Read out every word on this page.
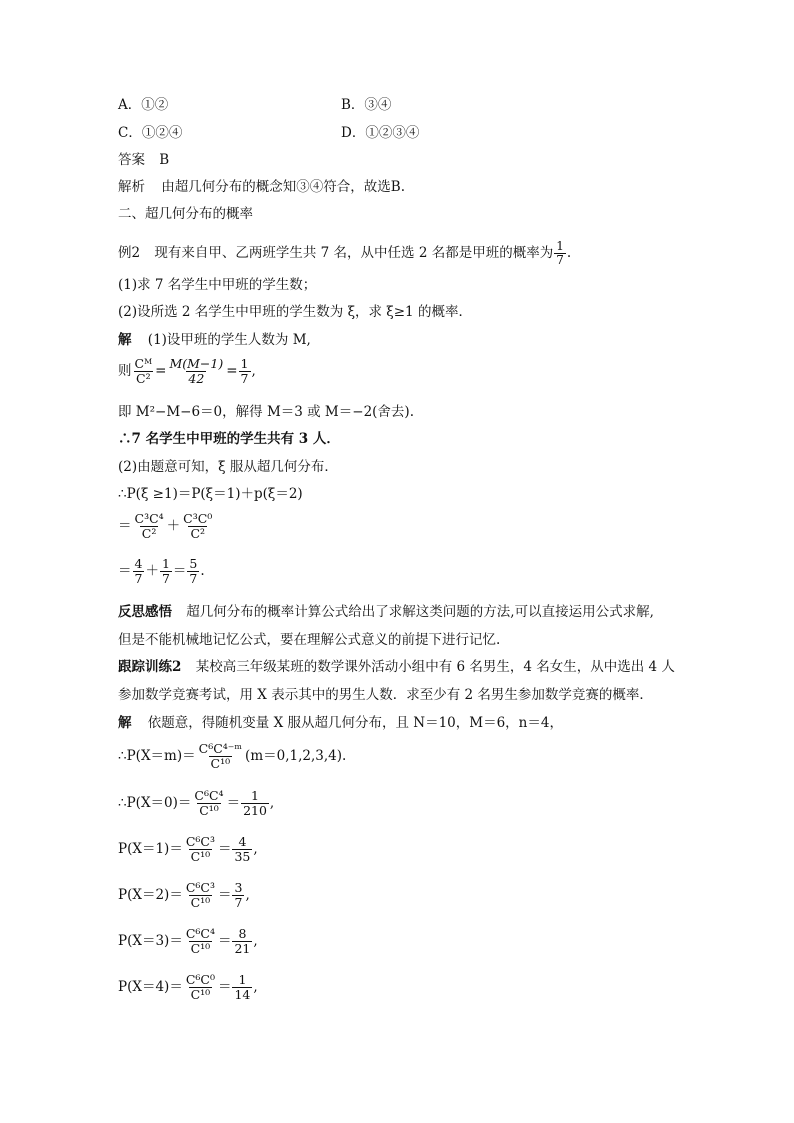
A．①②	B．③④
C．①②④	D．①②③④
答案 B
解析 由超几何分布的概念知③④符合，故选B.
二、超几何分布的概率
例2 现有来自甲、乙两班学生共 7 名，从中任选 2 名都是甲班的概率为 $\frac{1}{7}$ .
(1)求 7 名学生中甲班的学生数；
(2)设所选 2 名学生中甲班的学生数为 ξ，求 ξ≥1 的概率．
解 (1)设甲班的学生人数为 M,
则 $\frac{\text{Cᴹ}}{\text{C²}} = \frac{M(M-1)}{42} = \frac{1}{7}$ ,
即 M²−M−6＝0，解得 M＝3 或 M＝−2(舍去).
∴7 名学生中甲班的学生共有 3 人．
(2)由题意可知，ξ 服从超几何分布．
∴P(ξ ≥1)＝P(ξ＝1)＋p(ξ＝2)
＝ $\frac{\text{C³C⁴}}{\text{C²}} + \frac{\text{C³C⁰}}{\text{C²}}$
＝ $\frac{4}{7} + \frac{1}{7} = \frac{5}{7}$ .
反思感悟 超几何分布的概率计算公式给出了求解这类问题的方法,可以直接运用公式求解,
但是不能机械地记忆公式，要在理解公式意义的前提下进行记忆.
跟踪训练2 某校高三年级某班的数学课外活动小组中有 6 名男生，4 名女生，从中选出 4 人
参加数学竞赛考试，用 X 表示其中的男生人数．求至少有 2 名男生参加数学竞赛的概率．
解 依题意，得随机变量 X 服从超几何分布，且 N＝10，M＝6，n＝4，
∴P(X＝m)＝ $\frac{\text{C⁶C⁴⁻ᵐ}}{\text{C¹⁰}} (m=0,1,2,3,4)$.
∴P(X＝0)＝ $\frac{\text{C⁶C⁴}}{\text{C¹⁰}} = \frac{1}{210}$ ,
$P(X=1)= \frac{\text{C⁶C³}}{\text{C¹⁰}} = \frac{4}{35}$ ,
$P(X=2)= \frac{\text{C⁶C³}}{\text{C¹⁰}} = \frac{3}{7}$ ,
$P(X=3)= \frac{\text{C⁶C⁴}}{\text{C¹⁰}} = \frac{8}{21}$ ,
$P(X=4)= \frac{\text{C⁶C⁰}}{\text{C¹⁰}} = \frac{1}{14}$ ,
